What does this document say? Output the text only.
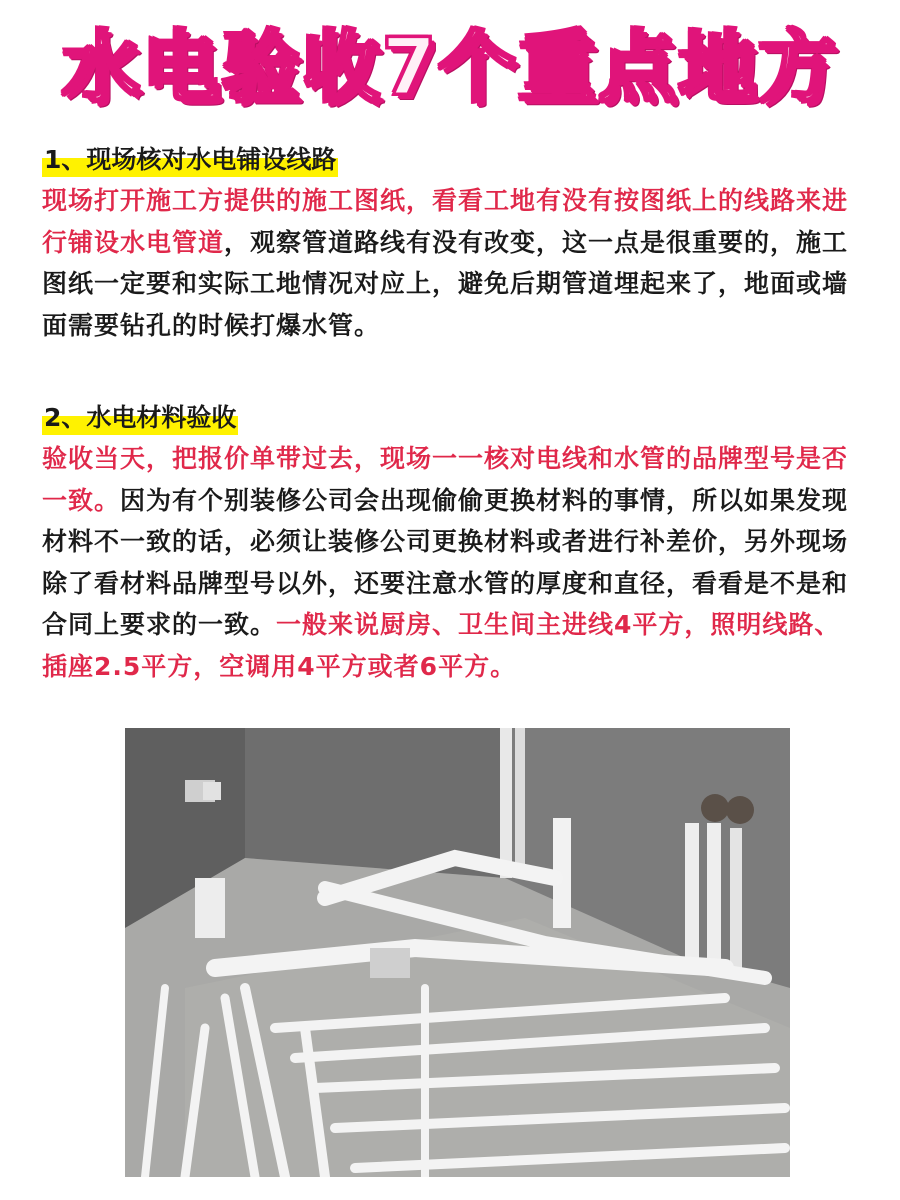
水电验收7个重点地方
1、现场核对水电铺设线路

现场打开施工方提供的施工图纸，看看工地有没有按图纸上的线路来进行铺设水电管道，观察管道路线有没有改变，这一点是很重要的，施工图纸一定要和实际工地情况对应上，避免后期管道埋起来了，地面或墙面需要钻孔的时候打爆水管。

2、水电材料验收

验收当天，把报价单带过去，现场一一核对电线和水管的品牌型号是否一致。因为有个别装修公司会出现偷偷更换材料的事情，所以如果发现材料不一致的话，必须让装修公司更换材料或者进行补差价，另外现场除了看材料品牌型号以外，还要注意水管的厚度和直径，看看是不是和合同上要求的一致。一般来说厨房、卫生间主进线4平方，照明线路、插座2.5平方，空调用4平方或者6平方。
